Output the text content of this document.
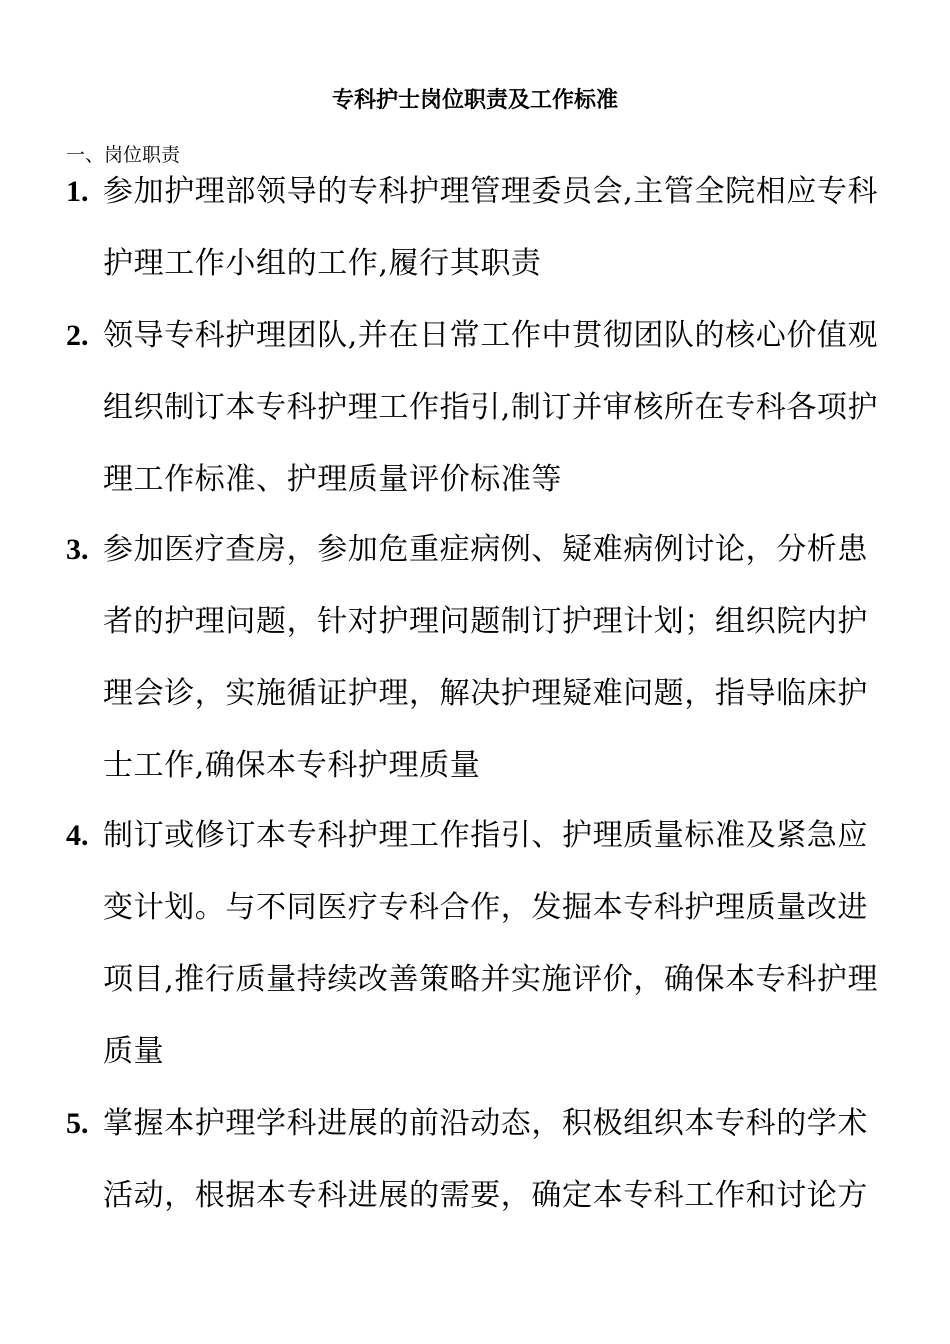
专科护士岗位职责及工作标准

一、岗位职责

1. 参加护理部领导的专科护理管理委员会,主管全院相应专科
护理工作小组的工作,履行其职责
2. 领导专科护理团队,并在日常工作中贯彻团队的核心价值观
组织制订本专科护理工作指引,制订并审核所在专科各项护
理工作标准、护理质量评价标准等
3. 参加医疗查房，参加危重症病例、疑难病例讨论，分析患
者的护理问题，针对护理问题制订护理计划；组织院内护
理会诊，实施循证护理，解决护理疑难问题，指导临床护
士工作,确保本专科护理质量
4. 制订或修订本专科护理工作指引、护理质量标准及紧急应
变计划。与不同医疗专科合作，发掘本专科护理质量改进
项目,推行质量持续改善策略并实施评价，确保本专科护理
质量
5. 掌握本护理学科进展的前沿动态，积极组织本专科的学术
活动，根据本专科进展的需要，确定本专科工作和讨论方
